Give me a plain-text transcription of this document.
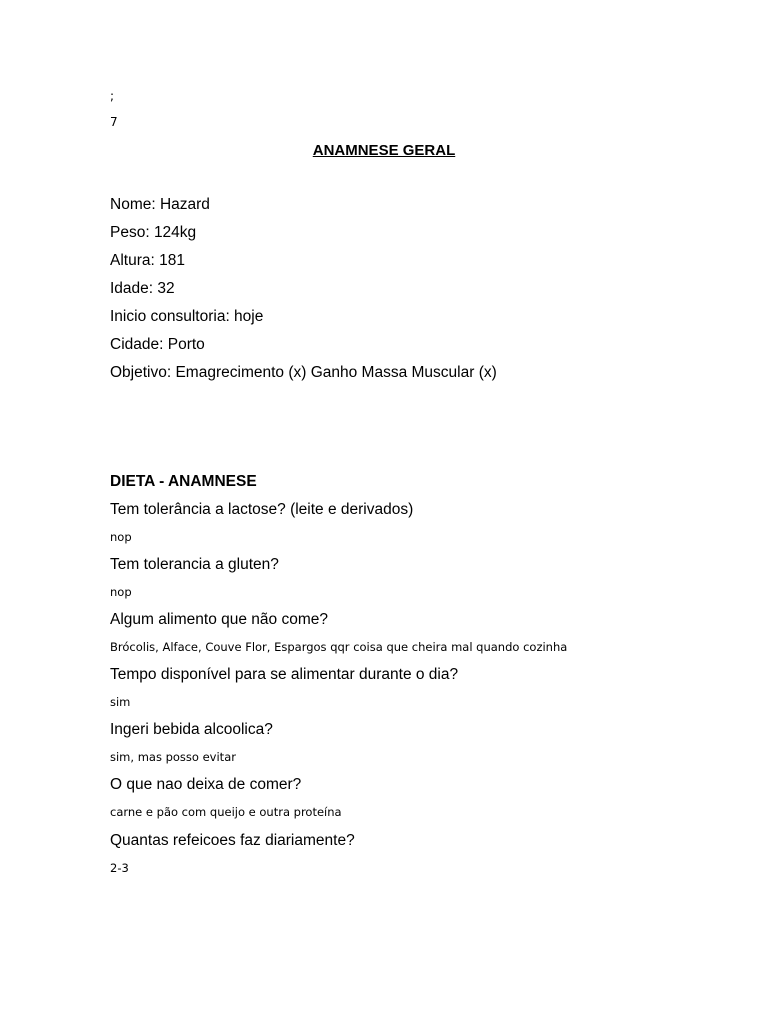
;
7
ANAMNESE GERAL
Nome: Hazard
Peso: 124kg
Altura: 181
Idade: 32
Inicio consultoria: hoje
Cidade: Porto
Objetivo: Emagrecimento (x) Ganho Massa Muscular (x)
DIETA - ANAMNESE
Tem tolerância a lactose? (leite e derivados)
nop
Tem tolerancia a gluten?
nop
Algum alimento que não come?
Brócolis, Alface, Couve Flor, Espargos qqr coisa que cheira mal quando cozinha
Tempo disponível para se alimentar durante o dia?
sim
Ingeri bebida alcoolica?
sim, mas posso evitar
O que nao deixa de comer?
carne e pão com queijo e outra proteína
Quantas refeicoes faz diariamente?
2-3
